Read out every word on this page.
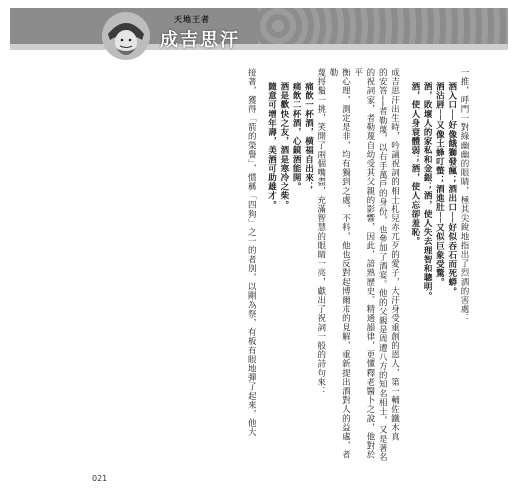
天地王者
成吉思汗
一推，呼門一對綠幽幽的眼睛，極其尖銳地指出了烈酒的害處：
酒入口──好像餓獅發瘋；酒出口──好似吞石而死蟒。
酒沾唇──又像土蜂叮螫；酒進肚──又似巨象受驚。
酒，敗壞人的家私和金銀；酒，使人失去理智和聰明。
酒，使人身衰體弱；酒，使人忘卻羞恥。
成吉思汗出生時，吟誦祝詞的相士札兒赤兀歹的愛子，大汗身受重創的恩人，第一輔佐鐵木真
的安答──者勒蔑，以右手萬戶的身份，也參加了酒宴。他的父親是周遭八方的知名相士，又是著名
的祝詞家，者勒蔑自幼受其父親的影響，因此，諳熟歷史、精通韻律，更懂釋老醫卜之說，他對於平
衡心理，測定是非，均有獨到之處，不料，他也反對起博爾朮的見解，重新提出酒對人的益處，者勒
蔑捋鬚一挑，笑開了兩個嘴盡，充滿智慧的眼睛一亮，獻出了祝詞一般的詩句來：
痛飲一杯酒，横福自出來；
痛飲二杯酒，心鏡酒能開。
酒是歡快之友，酒是寒冷之柴。
隨意可增年壽，美酒可助雄才。
接著，獲得「箭的榮譽」，慣稱「四狗」之一的者別，以剛為祭，有板有眼地彈了起來，他大
021
